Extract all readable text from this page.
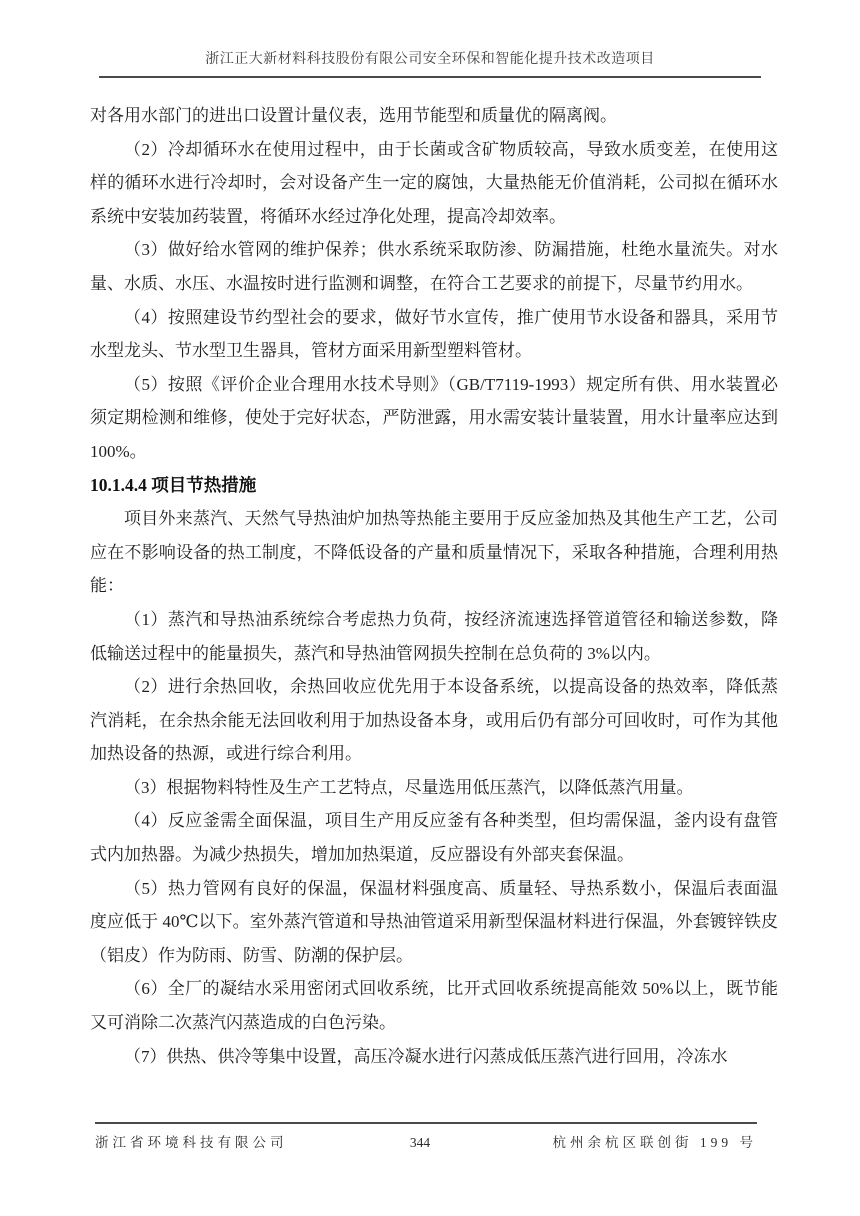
浙江正大新材料科技股份有限公司安全环保和智能化提升技术改造项目

对各用水部门的进出口设置计量仪表，选用节能型和质量优的隔离阀。

（2）冷却循环水在使用过程中，由于长菌或含矿物质较高，导致水质变差，在使用这样的循环水进行冷却时，会对设备产生一定的腐蚀，大量热能无价值消耗，公司拟在循环水系统中安装加药装置，将循环水经过净化处理，提高冷却效率。

（3）做好给水管网的维护保养；供水系统采取防渗、防漏措施，杜绝水量流失。对水量、水质、水压、水温按时进行监测和调整，在符合工艺要求的前提下，尽量节约用水。

（4）按照建设节约型社会的要求，做好节水宣传，推广使用节水设备和器具，采用节水型龙头、节水型卫生器具，管材方面采用新型塑料管材。

（5）按照《评价企业合理用水技术导则》（GB/T7119-1993）规定所有供、用水装置必须定期检测和维修，使处于完好状态，严防泄露，用水需安装计量装置，用水计量率应达到 100%。

10.1.4.4 项目节热措施

项目外来蒸汽、天然气导热油炉加热等热能主要用于反应釜加热及其他生产工艺，公司应在不影响设备的热工制度，不降低设备的产量和质量情况下，采取各种措施，合理利用热能：

（1）蒸汽和导热油系统综合考虑热力负荷，按经济流速选择管道管径和输送参数，降低输送过程中的能量损失，蒸汽和导热油管网损失控制在总负荷的 3%以内。

（2）进行余热回收，余热回收应优先用于本设备系统，以提高设备的热效率，降低蒸汽消耗，在余热余能无法回收利用于加热设备本身，或用后仍有部分可回收时，可作为其他加热设备的热源，或进行综合利用。

（3）根据物料特性及生产工艺特点，尽量选用低压蒸汽，以降低蒸汽用量。

（4）反应釜需全面保温，项目生产用反应釜有各种类型，但均需保温，釜内设有盘管式内加热器。为减少热损失，增加加热渠道，反应器设有外部夹套保温。

（5）热力管网有良好的保温，保温材料强度高、质量轻、导热系数小，保温后表面温度应低于 40℃以下。室外蒸汽管道和导热油管道采用新型保温材料进行保温，外套镀锌铁皮（铝皮）作为防雨、防雪、防潮的保护层。

（6）全厂的凝结水采用密闭式回收系统，比开式回收系统提高能效 50%以上，既节能又可消除二次蒸汽闪蒸造成的白色污染。

（7）供热、供冷等集中设置，高压冷凝水进行闪蒸成低压蒸汽进行回用，冷冻水

浙江省环境科技有限公司	344	杭州余杭区联创街 199 号
